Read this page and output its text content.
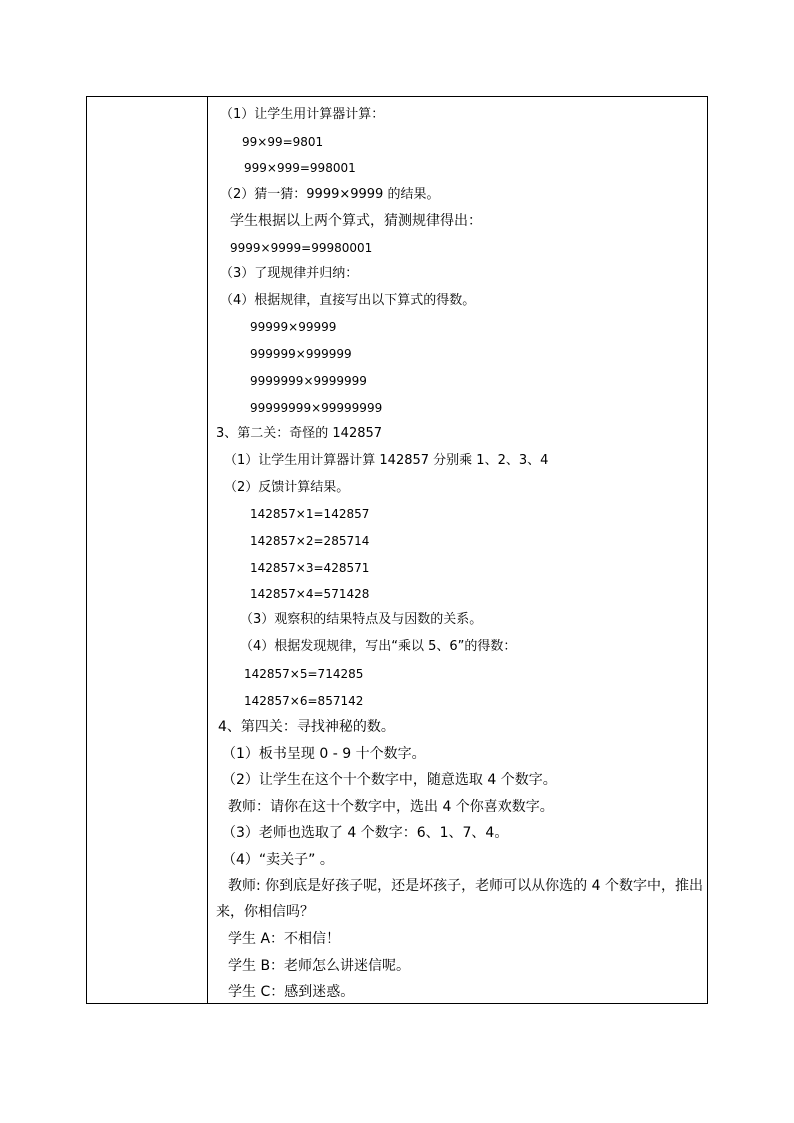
（1）让学生用计算器计算：
99×99=9801
999×999=998001
（2）猜一猜：9999×9999 的结果。
学生根据以上两个算式，猜测规律得出：
9999×9999=99980001
（3）了现规律并归纳：
（4）根据规律，直接写出以下算式的得数。
99999×99999
999999×999999
9999999×9999999
99999999×99999999
3、第二关：奇怪的 142857
（1）让学生用计算器计算 142857 分别乘 1、2、3、4
（2）反馈计算结果。
142857×1=142857
142857×2=285714
142857×3=428571
142857×4=571428
（3）观察积的结果特点及与因数的关系。
（4）根据发现规律，写出“乘以 5、6”的得数：
142857×5=714285
142857×6=857142
4、第四关：寻找神秘的数。
（1）板书呈现 0 - 9 十个数字。
（2）让学生在这个十个数字中，随意选取 4 个数字。
教师：请你在这十个数字中，选出 4 个你喜欢数字。
（3）老师也选取了 4 个数字：6、1、7、4。
（4）“卖关子” 。
教师: 你到底是好孩子呢，还是坏孩子，老师可以从你选的 4 个数字中，推出
来，你相信吗？
学生 A：不相信！
学生 B：老师怎么讲迷信呢。
学生 C：感到迷惑。
